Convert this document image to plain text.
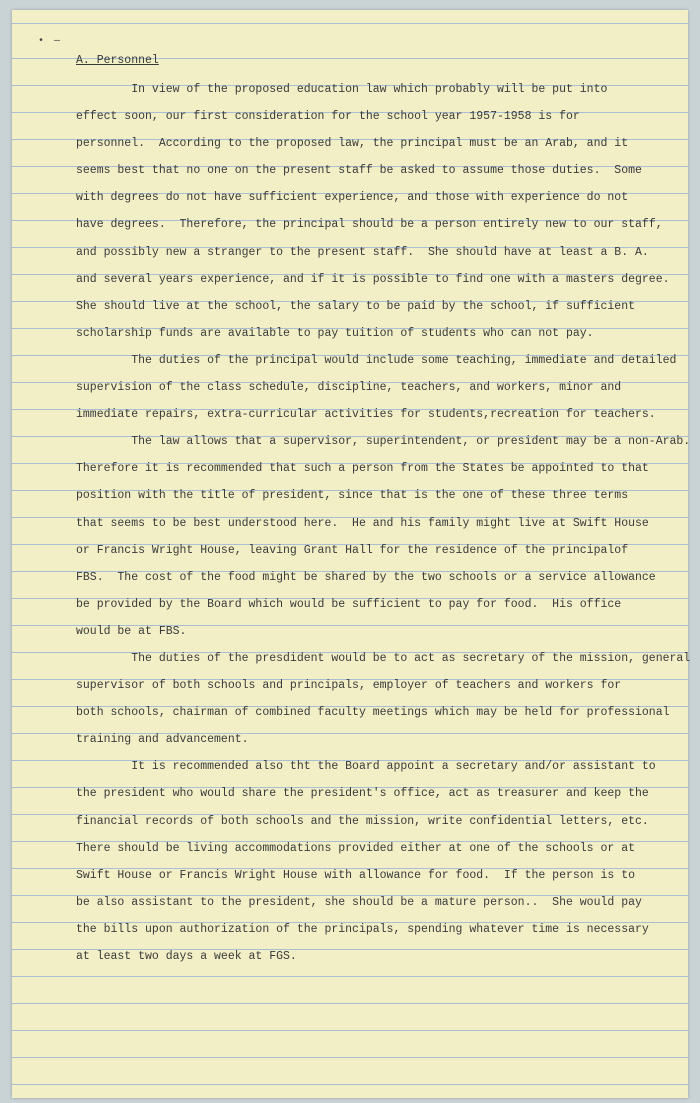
• —
A. Personnel
In view of the proposed education law which probably will be put into
effect soon, our first consideration for the school year 1957-1958 is for
personnel.  According to the proposed law, the principal must be an Arab, and it
seems best that no one on the present staff be asked to assume those duties.  Some
with degrees do not have sufficient experience, and those with experience do not
have degrees.  Therefore, the principal should be a person entirely new to our staff,
and possibly new a stranger to the present staff.  She should have at least a B. A.
and several years experience, and if it is possible to find one with a masters degree.
She should live at the school, the salary to be paid by the school, if sufficient
scholarship funds are available to pay tuition of students who can not pay.
The duties of the principal would include some teaching, immediate and detailed
supervision of the class schedule, discipline, teachers, and workers, minor and
immediate repairs, extra-curricular activities for students,recreation for teachers.
The law allows that a supervisor, superintendent, or president may be a non-Arab.
Therefore it is recommended that such a person from the States be appointed to that
position with the title of president, since that is the one of these three terms
that seems to be best understood here.  He and his family might live at Swift House
or Francis Wright House, leaving Grant Hall for the residence of the principalof
FBS.  The cost of the food might be shared by the two schools or a service allowance
be provided by the Board which would be sufficient to pay for food.  His office
would be at FBS.
The duties of the presdident would be to act as secretary of the mission, general
supervisor of both schools and principals, employer of teachers and workers for
both schools, chairman of combined faculty meetings which may be held for professional
training and advancement.
It is recommended also tht the Board appoint a secretary and/or assistant to
the president who would share the president's office, act as treasurer and keep the
financial records of both schools and the mission, write confidential letters, etc.
There should be living accommodations provided either at one of the schools or at
Swift House or Francis Wright House with allowance for food.  If the person is to
be also assistant to the president, she should be a mature person..  She would pay
the bills upon authorization of the principals, spending whatever time is necessary
at least two days a week at FGS.
